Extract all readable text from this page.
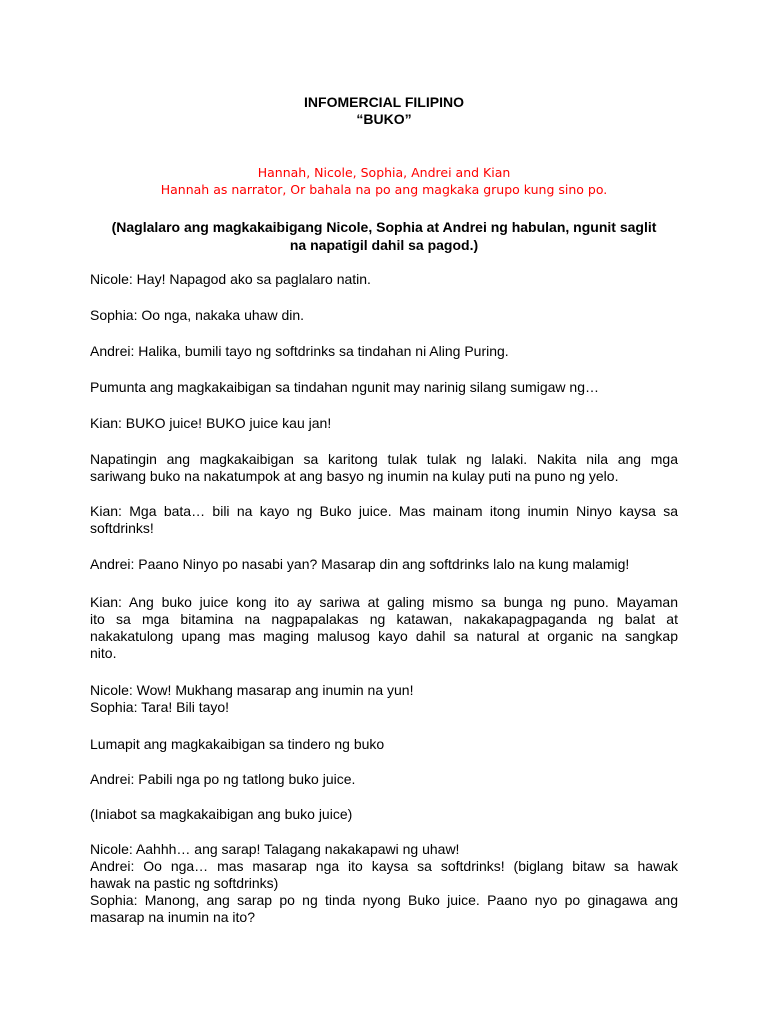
INFOMERCIAL FILIPINO
“BUKO”
Hannah, Nicole, Sophia, Andrei and Kian
Hannah as narrator, Or bahala na po ang magkaka grupo kung sino po.
(Naglalaro ang magkakaibigang Nicole, Sophia at Andrei ng habulan, ngunit saglit
na napatigil dahil sa pagod.)
Nicole: Hay! Napagod ako sa paglalaro natin.
Sophia: Oo nga, nakaka uhaw din.
Andrei: Halika, bumili tayo ng softdrinks sa tindahan ni Aling Puring.
Pumunta ang magkakaibigan sa tindahan ngunit may narinig silang sumigaw ng…
Kian: BUKO juice! BUKO juice kau jan!
Napatingin ang magkakaibigan sa karitong tulak tulak ng lalaki. Nakita nila ang mga
sariwang buko na nakatumpok at ang basyo ng inumin na kulay puti na puno ng yelo.
Kian: Mga bata… bili na kayo ng Buko juice. Mas mainam itong inumin Ninyo kaysa sa
softdrinks!
Andrei: Paano Ninyo po nasabi yan? Masarap din ang softdrinks lalo na kung malamig!
Kian: Ang buko juice kong ito ay sariwa at galing mismo sa bunga ng puno. Mayaman
ito sa mga bitamina na nagpapalakas ng katawan, nakakapagpaganda ng balat at
nakakatulong upang mas maging malusog kayo dahil sa natural at organic na sangkap
nito.
Nicole: Wow! Mukhang masarap ang inumin na yun!
Sophia: Tara! Bili tayo!
Lumapit ang magkakaibigan sa tindero ng buko
Andrei: Pabili nga po ng tatlong buko juice.
(Iniabot sa magkakaibigan ang buko juice)
Nicole: Aahhh… ang sarap! Talagang nakakapawi ng uhaw!
Andrei: Oo nga… mas masarap nga ito kaysa sa softdrinks! (biglang bitaw sa hawak
hawak na pastic ng softdrinks)
Sophia: Manong, ang sarap po ng tinda nyong Buko juice. Paano nyo po ginagawa ang
masarap na inumin na ito?
